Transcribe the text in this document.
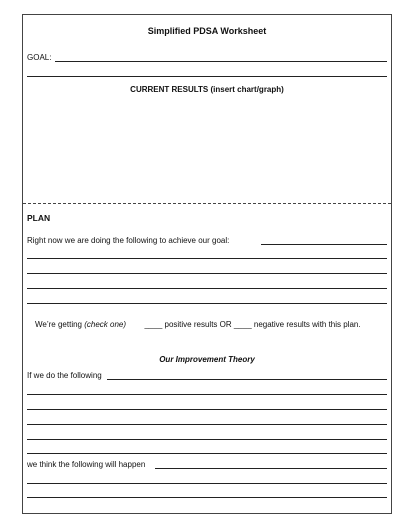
Simplified PDSA Worksheet
GOAL:
CURRENT RESULTS (insert chart/graph)
PLAN
Right now we are doing the following to achieve our goal:
We’re getting (check one) ____ positive results OR ____ negative results with this plan.
Our Improvement Theory
If we do the following
we think the following will happen
